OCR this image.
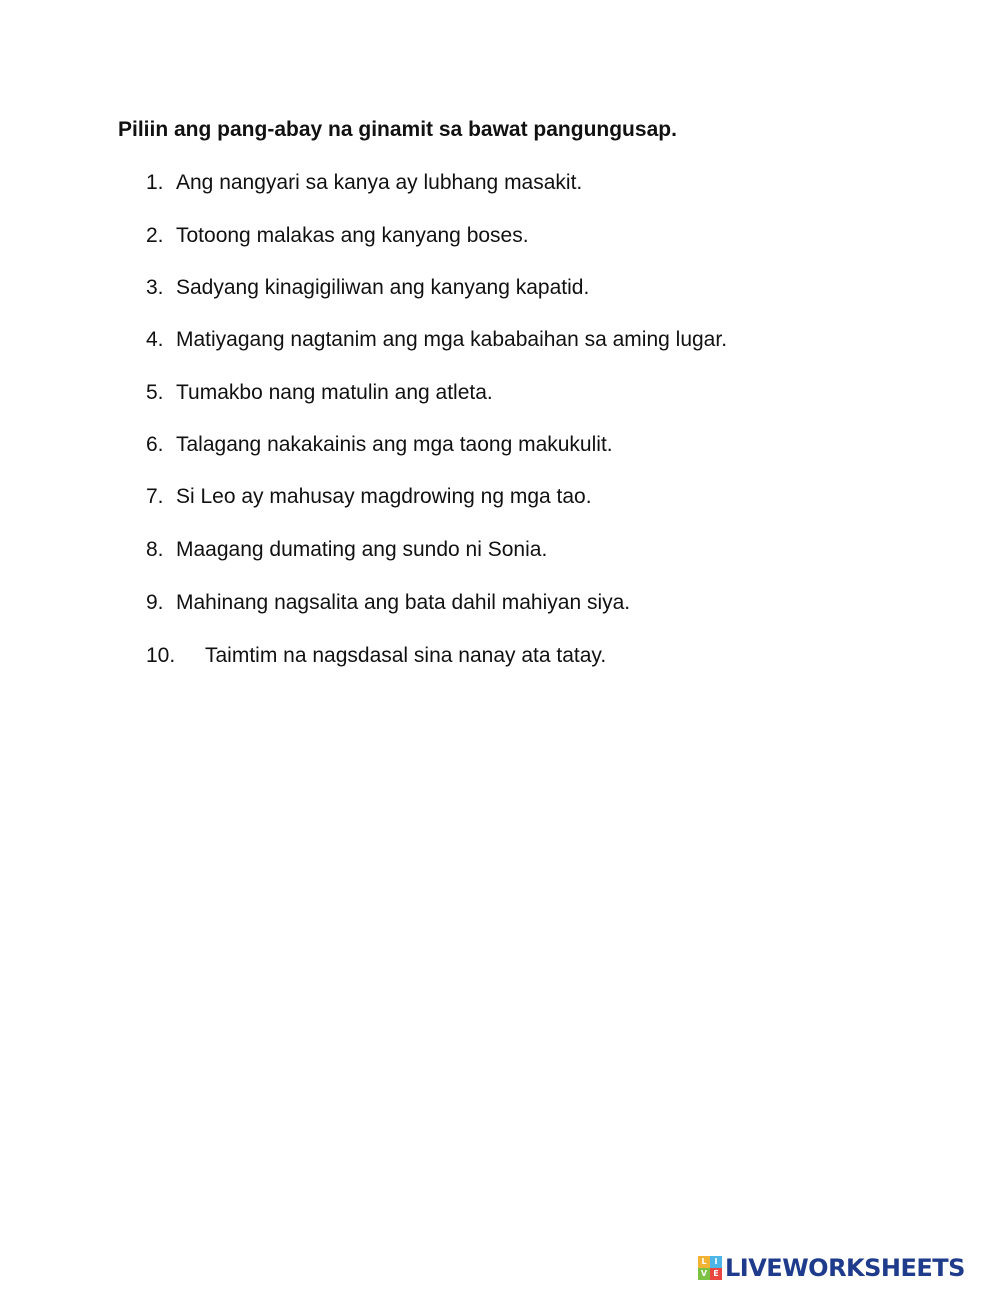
Piliin ang pang-abay na ginamit sa bawat pangungusap.

1. Ang nangyari sa kanya ay lubhang masakit.
2. Totoong malakas ang kanyang boses.
3. Sadyang kinagigiliwan ang kanyang kapatid.
4. Matiyagang nagtanim ang mga kababaihan sa aming lugar.
5. Tumakbo nang matulin ang atleta.
6. Talagang nakakainis ang mga taong makukulit.
7. Si Leo ay mahusay magdrowing ng mga tao.
8. Maagang dumating ang sundo ni Sonia.
9. Mahinang nagsalita ang bata dahil mahiyan siya.
10. Taimtim na nagsdasal sina nanay ata tatay.
L I
V E LIVEWORKSHEETS
